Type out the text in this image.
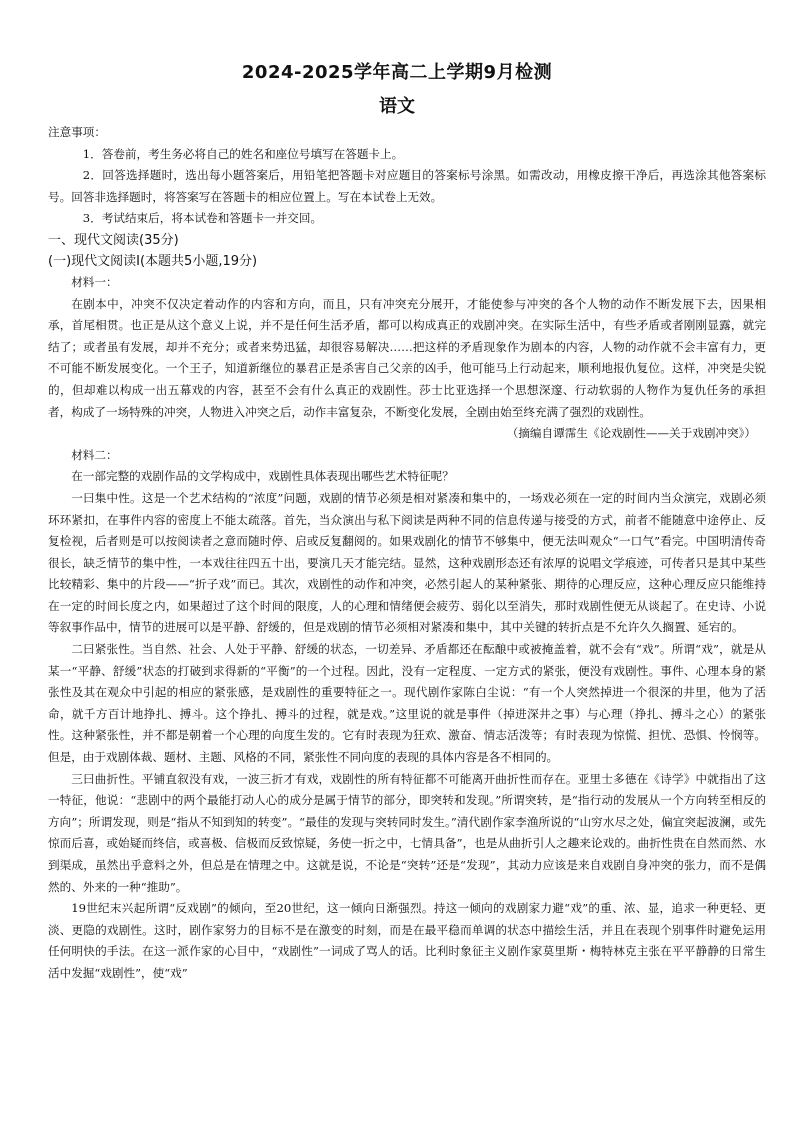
2024-2025学年高二上学期9月检测
语文

注意事项：

1．答卷前，考生务必将自己的姓名和座位号填写在答题卡上。

2．回答选择题时，选出每小题答案后，用铅笔把答题卡对应题目的答案标号涂黑。如需改动，用橡皮擦干净后，再选涂其他答案标号。回答非选择题时，将答案写在答题卡的相应位置上。写在本试卷上无效。

3．考试结束后，将本试卷和答题卡一并交回。

一、现代文阅读(35分)

(一)现代文阅读Ⅰ(本题共5小题,19分)

材料一：

在剧本中，冲突不仅决定着动作的内容和方向，而且，只有冲突充分展开，才能使参与冲突的各个人物的动作不断发展下去，因果相承，首尾相贯。也正是从这个意义上说，并不是任何生活矛盾，都可以构成真正的戏剧冲突。在实际生活中，有些矛盾或者刚刚显露，就完结了；或者虽有发展，却并不充分；或者来势迅猛，却很容易解决……把这样的矛盾现象作为剧本的内容，人物的动作就不会丰富有力，更不可能不断发展变化。一个王子，知道新继位的暴君正是杀害自己父亲的凶手，他可能马上行动起来，顺利地报仇复位。这样，冲突是尖锐的，但却难以构成一出五幕戏的内容，甚至不会有什么真正的戏剧性。莎士比亚选择一个思想深邃、行动软弱的人物作为复仇任务的承担者，构成了一场特殊的冲突，人物进入冲突之后，动作丰富复杂，不断变化发展，全剧由始至终充满了强烈的戏剧性。

（摘编自谭霈生《论戏剧性——关于戏剧冲突》）

材料二：

在一部完整的戏剧作品的文学构成中，戏剧性具体表现出哪些艺术特征呢？

一曰集中性。这是一个艺术结构的“浓度”问题，戏剧的情节必须是相对紧凑和集中的，一场戏必须在一定的时间内当众演完，戏剧必须环环紧扣，在事件内容的密度上不能太疏落。首先，当众演出与私下阅读是两种不同的信息传递与接受的方式，前者不能随意中途停止、反复检视，后者则是可以按阅读者之意而随时停、启或反复翻阅的。如果戏剧化的情节不够集中，便无法叫观众“一口气”看完。中国明清传奇很长，缺乏情节的集中性，一本戏往往四五十出，要演几天才能完结。显然，这种戏剧形态还有浓厚的说唱文学痕迹，可传者只是其中某些比较精彩、集中的片段——“折子戏”而已。其次，戏剧性的动作和冲突，必然引起人的某种紧张、期待的心理反应，这种心理反应只能维持在一定的时间长度之内，如果超过了这个时间的限度，人的心理和情绪便会疲劳、弱化以至消失，那时戏剧性便无从谈起了。在史诗、小说等叙事作品中，情节的进展可以是平静、舒缓的，但是戏剧的情节必须相对紧凑和集中，其中关键的转折点是不允许久久搁置、延宕的。

二曰紧张性。当自然、社会、人处于平静、舒缓的状态，一切差异、矛盾都还在酝酿中或被掩盖着，就不会有“戏”。所谓“戏”，就是从某一“平静、舒缓”状态的打破到求得新的“平衡”的一个过程。因此，没有一定程度、一定方式的紧张，便没有戏剧性。事件、心理本身的紧张性及其在观众中引起的相应的紧张感，是戏剧性的重要特征之一。现代剧作家陈白尘说：“有一个人突然掉进一个很深的井里，他为了活命，就千方百计地挣扎、搏斗。这个挣扎、搏斗的过程，就是戏。”这里说的就是事件（掉进深井之事）与心理（挣扎、搏斗之心）的紧张性。这种紧张性，并不都是朝着一个心理的向度生发的。它有时表现为狂欢、激奋、情志活泼等；有时表现为惊慌、担忧、恐惧、怜悯等。但是，由于戏剧体裁、题材、主题、风格的不同，紧张性不同向度的表现的具体内容是各不相同的。

三曰曲折性。平铺直叙没有戏，一波三折才有戏，戏剧性的所有特征都不可能离开曲折性而存在。亚里士多德在《诗学》中就指出了这一特征，他说：“悲剧中的两个最能打动人心的成分是属于情节的部分，即突转和发现。”所谓突转，是“指行动的发展从一个方向转至相反的方向”；所谓发现，则是“指从不知到知的转变”。“最佳的发现与突转同时发生。”清代剧作家李渔所说的“山穷水尽之处，偏宜突起波澜，或先惊而后喜，或始疑而终信，或喜极、信极而反致惊疑，务使一折之中，七情具备”，也是从曲折引人之趣来论戏的。曲折性贵在自然而然、水到渠成，虽然出乎意料之外，但总是在情理之中。这就是说，不论是“突转”还是“发现”，其动力应该是来自戏剧自身冲突的张力，而不是偶然的、外来的一种“推助”。

19世纪末兴起所谓“反戏剧”的倾向，至20世纪，这一倾向日渐强烈。持这一倾向的戏剧家力避“戏”的重、浓、显，追求一种更轻、更淡、更隐的戏剧性。这时，剧作家努力的目标不是在激变的时刻，而是在最平稳而单调的状态中描绘生活，并且在表现个别事件时避免运用任何明快的手法。在这一派作家的心目中，“戏剧性”一词成了骂人的话。比利时象征主义剧作家莫里斯・梅特林克主张在平平静静的日常生活中发掘“戏剧性”，使“戏”
